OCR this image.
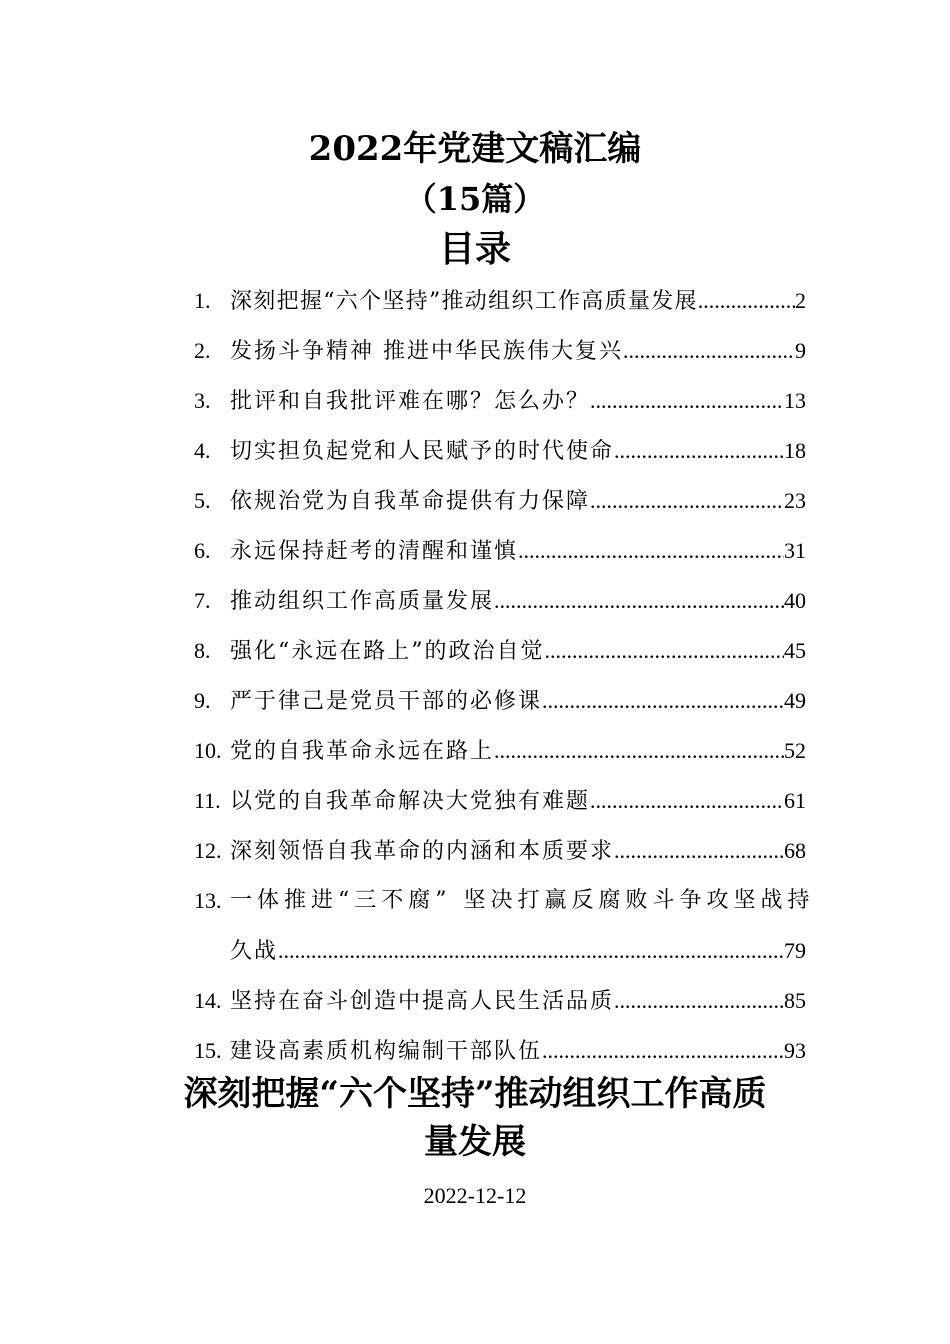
2022年党建文稿汇编
（15篇）
目录
1. 深刻把握“六个坚持”推动组织工作高质量发展 .....	2
2. 发扬斗争精神 推进中华民族伟大复兴 .....	9
3. 批评和自我批评难在哪？怎么办？ .....	13
4. 切实担负起党和人民赋予的时代使命 .....	18
5. 依规治党为自我革命提供有力保障 .....	23
6. 永远保持赶考的清醒和谨慎 .....	31
7. 推动组织工作高质量发展 .....	40
8. 强化“永远在路上”的政治自觉 .....	45
9. 严于律己是党员干部的必修课 .....	49
10. 党的自我革命永远在路上 .....	52
11. 以党的自我革命解决大党独有难题 .....	61
12. 深刻领悟自我革命的内涵和本质要求 .....	68
13. 一体推进“三不腐” 坚决打赢反腐败斗争攻坚战持
久战 .....	79
14. 坚持在奋斗创造中提高人民生活品质 .....	85
15. 建设高素质机构编制干部队伍 .....	93
深刻把握“六个坚持”推动组织工作高质
量发展
2022-12-12
